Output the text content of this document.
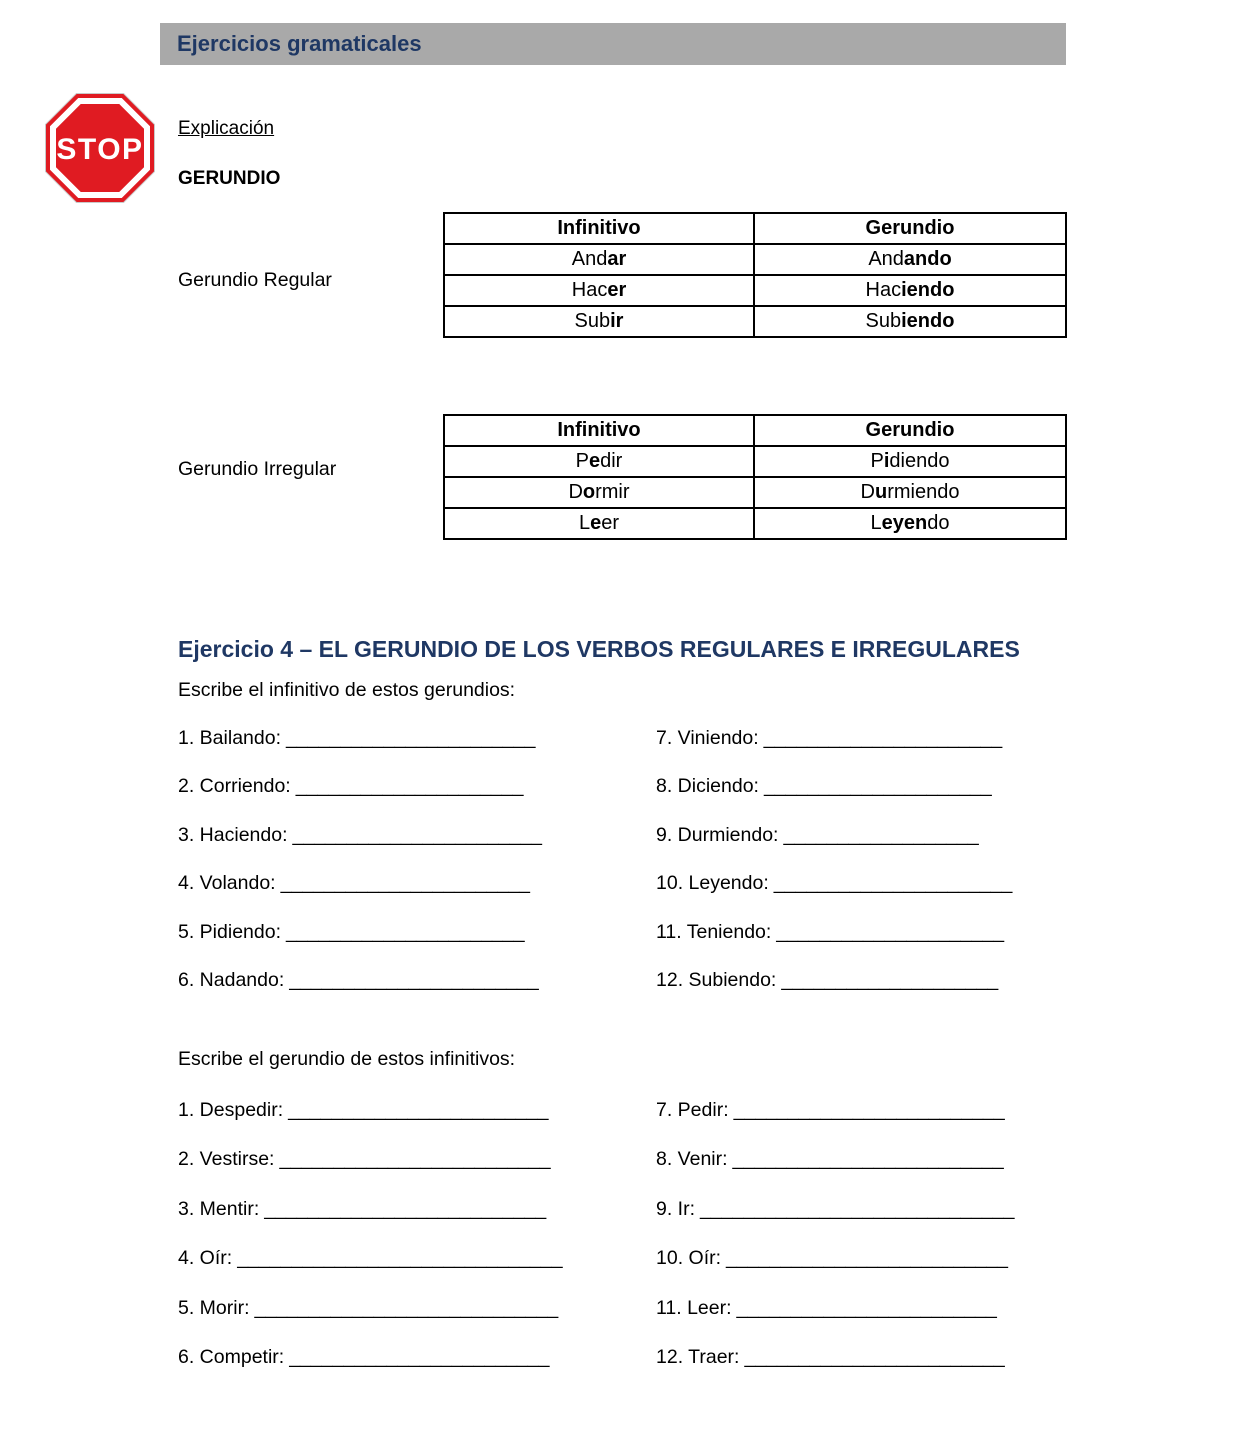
Ejercicios gramaticales
STOP
Explicación
GERUNDIO
Gerundio Regular
Gerundio Irregular
Infinitivo	Gerundio
Andar	Andando
Hacer	Haciendo
Subir	Subiendo
Infinitivo	Gerundio
Pedir	Pidiendo
Dormir	Durmiendo
Leer	Leyendo
Ejercicio 4 – EL GERUNDIO DE LOS VERBOS REGULARES E IRREGULARES
Escribe el infinitivo de estos gerundios:
1. Bailando: _______________________
2. Corriendo: _____________________
3. Haciendo: _______________________
4. Volando: _______________________
5. Pidiendo: ______________________
6. Nadando: _______________________
7. Viniendo: ______________________
8. Diciendo: _____________________
9. Durmiendo: __________________
10. Leyendo: ______________________
11. Teniendo: _____________________
12. Subiendo: ____________________
Escribe el gerundio de estos infinitivos:
1. Despedir: ________________________
2. Vestirse: _________________________
3. Mentir: __________________________
4. Oír: ______________________________
5. Morir: ____________________________
6. Competir: ________________________
7. Pedir: _________________________
8. Venir: _________________________
9. Ir: _____________________________
10. Oír: __________________________
11. Leer: ________________________
12. Traer: ________________________
